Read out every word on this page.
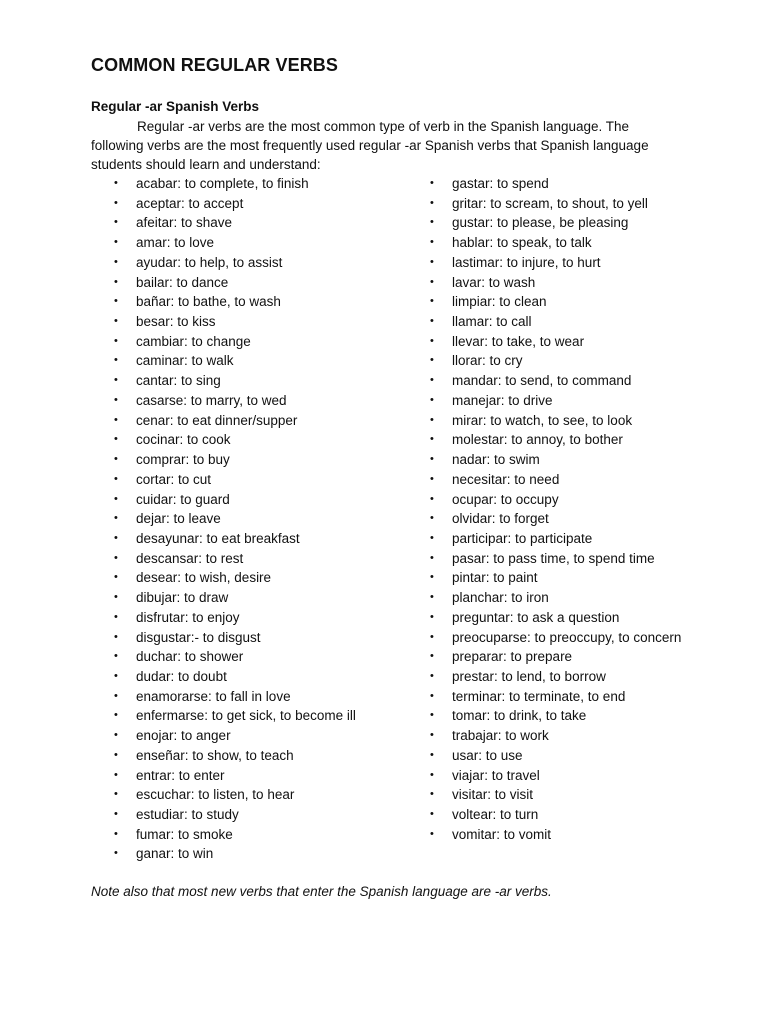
COMMON REGULAR VERBS
Regular -ar Spanish Verbs
Regular -ar verbs are the most common type of verb in the Spanish language. The following verbs are the most frequently used regular -ar Spanish verbs that Spanish language students should learn and understand:
• acabar: to complete, to finish
• aceptar: to accept
• afeitar: to shave
• amar: to love
• ayudar: to help, to assist
• bailar: to dance
• bañar: to bathe, to wash
• besar: to kiss
• cambiar: to change
• caminar: to walk
• cantar: to sing
• casarse: to marry, to wed
• cenar: to eat dinner/supper
• cocinar: to cook
• comprar: to buy
• cortar: to cut
• cuidar: to guard
• dejar: to leave
• desayunar: to eat breakfast
• descansar: to rest
• desear: to wish, desire
• dibujar: to draw
• disfrutar: to enjoy
• disgustar:- to disgust
• duchar: to shower
• dudar: to doubt
• enamorarse: to fall in love
• enfermarse: to get sick, to become ill
• enojar: to anger
• enseñar: to show, to teach
• entrar: to enter
• escuchar: to listen, to hear
• estudiar: to study
• fumar: to smoke
• ganar: to win
• gastar: to spend
• gritar: to scream, to shout, to yell
• gustar: to please, be pleasing
• hablar: to speak, to talk
• lastimar: to injure, to hurt
• lavar: to wash
• limpiar: to clean
• llamar: to call
• llevar: to take, to wear
• llorar: to cry
• mandar: to send, to command
• manejar: to drive
• mirar: to watch, to see, to look
• molestar: to annoy, to bother
• nadar: to swim
• necesitar: to need
• ocupar: to occupy
• olvidar: to forget
• participar: to participate
• pasar: to pass time, to spend time
• pintar: to paint
• planchar: to iron
• preguntar: to ask a question
• preocuparse: to preoccupy, to concern
• preparar: to prepare
• prestar: to lend, to borrow
• terminar: to terminate, to end
• tomar: to drink, to take
• trabajar: to work
• usar: to use
• viajar: to travel
• visitar: to visit
• voltear: to turn
• vomitar: to vomit
Note also that most new verbs that enter the Spanish language are -ar verbs.
